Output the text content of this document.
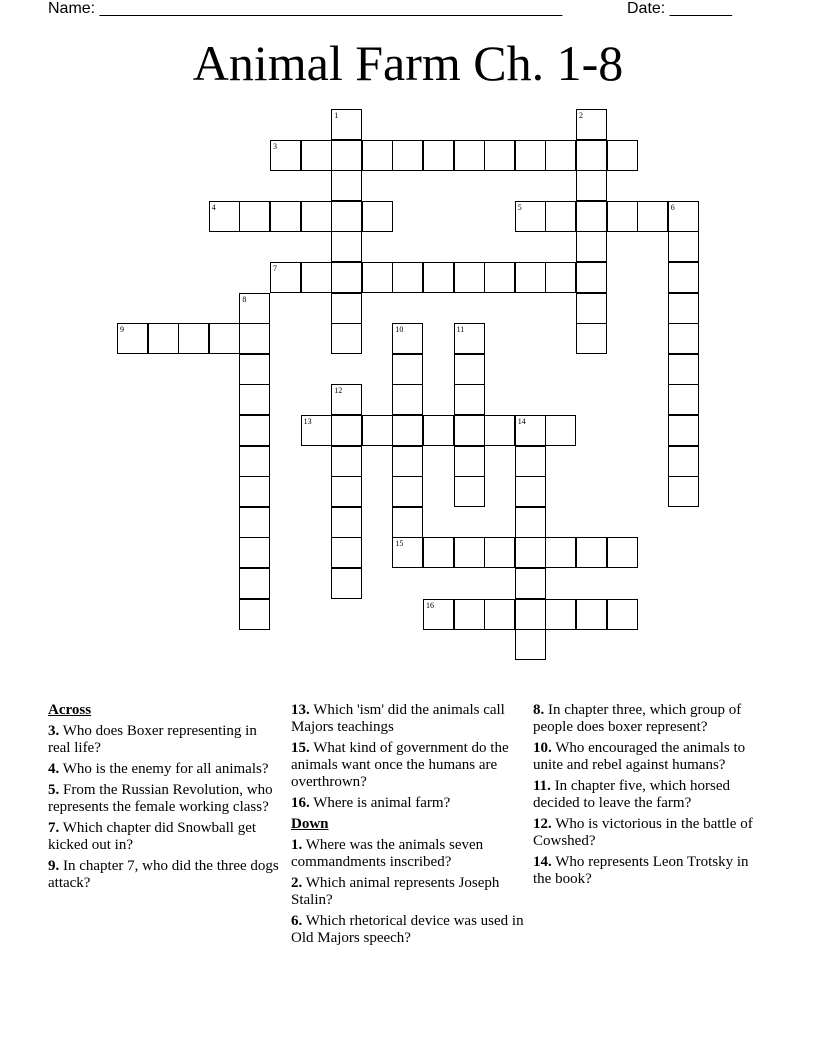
Name: ____________________________________________________	Date: _______
Animal Farm Ch. 1-8
1	2
3
4	5	6
7
8
9	10
15
11
12
13	14
16
Across
3. Who does Boxer representing in real life?
4. Who is the enemy for all animals?
5. From the Russian Revolution, who represents the female working class?
7. Which chapter did Snowball get kicked out in?
9. In chapter 7, who did the three dogs attack?
13. Which 'ism' did the animals call Majors teachings
15. What kind of government do the animals want once the humans are overthrown?
16. Where is animal farm?
Down
1. Where was the animals seven commandments inscribed?
2. Which animal represents Joseph Stalin?
6. Which rhetorical device was used in Old Majors speech?
8. In chapter three, which group of people does boxer represent?
10. Who encouraged the animals to unite and rebel against humans?
11. In chapter five, which horsed decided to leave the farm?
12. Who is victorious in the battle of Cowshed?
14. Who represents Leon Trotsky in the book?
